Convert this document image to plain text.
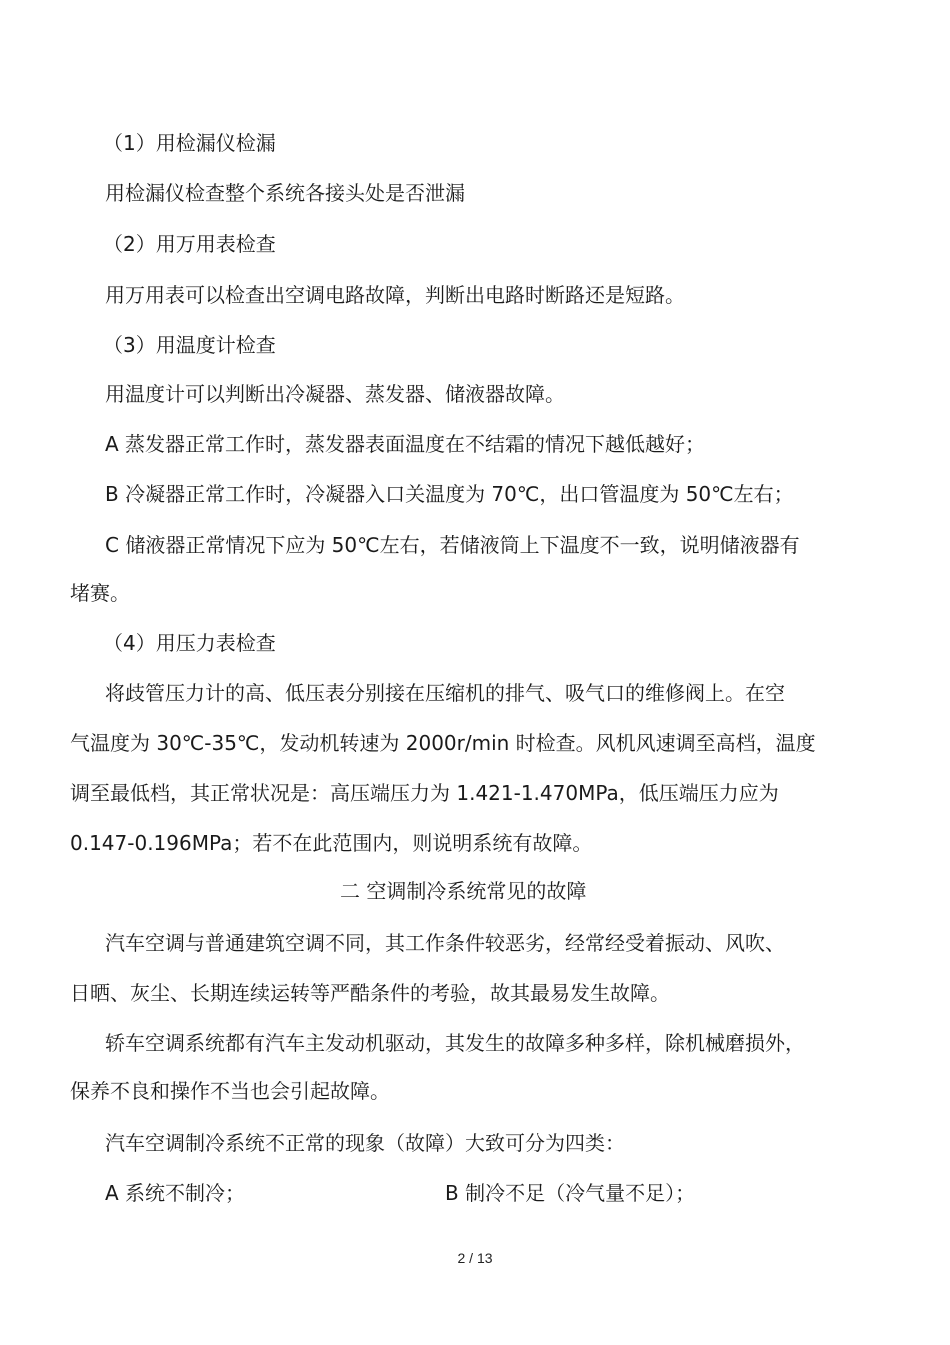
（1）用检漏仪检漏
用检漏仪检查整个系统各接头处是否泄漏
（2）用万用表检查
用万用表可以检查出空调电路故障，判断出电路时断路还是短路。
（3）用温度计检查
用温度计可以判断出冷凝器、蒸发器、储液器故障。
A 蒸发器正常工作时，蒸发器表面温度在不结霜的情况下越低越好；
B 冷凝器正常工作时，冷凝器入口关温度为 70℃，出口管温度为 50℃左右；
C 储液器正常情况下应为 50℃左右，若储液筒上下温度不一致，说明储液器有
堵赛。
（4）用压力表检查
将歧管压力计的高、低压表分别接在压缩机的排气、吸气口的维修阀上。在空
气温度为 30℃-35℃，发动机转速为 2000r/min 时检查。风机风速调至高档，温度
调至最低档，其正常状况是：高压端压力为 1.421-1.470MPa，低压端压力应为
0.147-0.196MPa；若不在此范围内，则说明系统有故障。
二 空调制冷系统常见的故障
汽车空调与普通建筑空调不同，其工作条件较恶劣，经常经受着振动、风吹、
日晒、灰尘、长期连续运转等严酷条件的考验，故其最易发生故障。
轿车空调系统都有汽车主发动机驱动，其发生的故障多种多样，除机械磨损外，
保养不良和操作不当也会引起故障。
汽车空调制冷系统不正常的现象（故障）大致可分为四类：
A 系统不制冷；	B 制冷不足（冷气量不足）；
2 / 13
